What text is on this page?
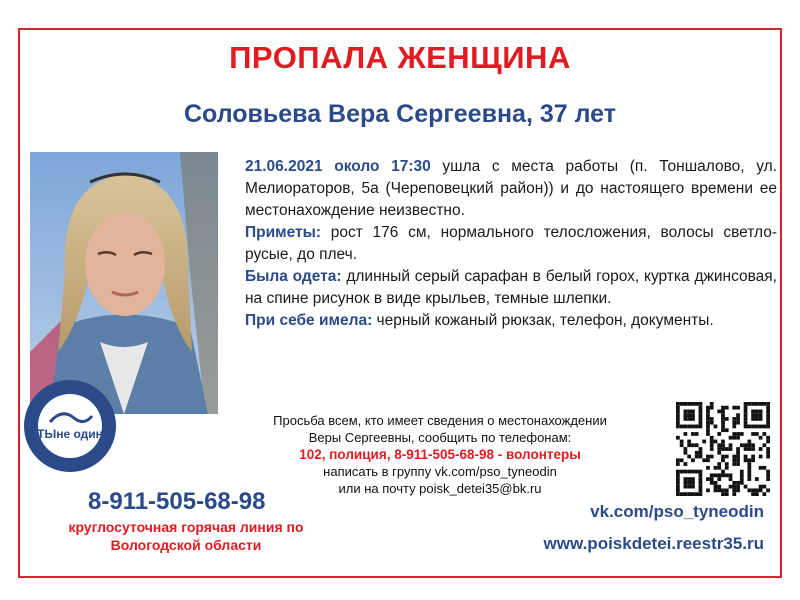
ПРОПАЛА ЖЕНЩИНА
Соловьева Вера Сергеевна, 37 лет
ТЫне один

21.06.2021 около 17:30 ушла с места работы (п. Тоншалово, ул. Мелиораторов, 5а (Череповецкий район)) и до настоящего времени ее местонахождение неизвестно.

Приметы: рост 176 см, нормального телосложения, волосы светло-русые, до плеч.

Была одета: длинный серый сарафан в белый горох, куртка джинсовая, на спине рисунок в виде крыльев, темные шлепки.

При себе имела: черный кожаный рюкзак, телефон, документы.

Просьба всем, кто имеет сведения о местонахождении
Веры Сергеевны, сообщить по телефонам:
102, полиция, 8-911-505-68-98 - волонтеры
написать в группу vk.com/pso_tyneodin
или на почту poisk_detei35@bk.ru
8-911-505-68-98
круглосуточная горячая линия по
Вологодской области
vk.com/pso_tyneodin
www.poiskdetei.reestr35.ru
